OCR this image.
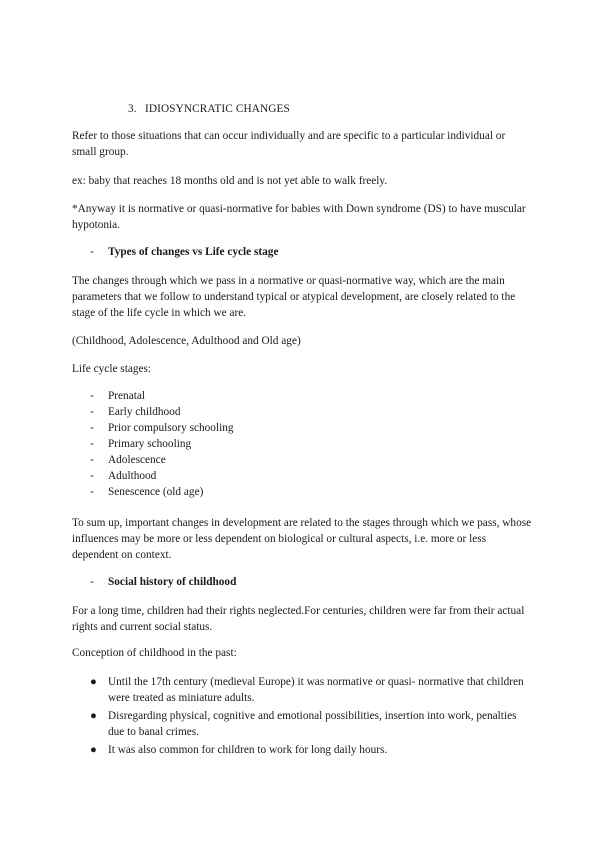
3. IDIOSYNCRATIC CHANGES

Refer to those situations that can occur individually and are specific to a particular individual or small group.

ex: baby that reaches 18 months old and is not yet able to walk freely.

*Anyway it is normative or quasi-normative for babies with Down syndrome (DS) to have muscular hypotonia.

- Types of changes vs Life cycle stage

The changes through which we pass in a normative or quasi-normative way, which are the main parameters that we follow to understand typical or atypical development, are closely related to the stage of the life cycle in which we are.

(Childhood, Adolescence, Adulthood and Old age)

Life cycle stages:

- Prenatal
- Early childhood
- Prior compulsory schooling
- Primary schooling
- Adolescence
- Adulthood
- Senescence (old age)

To sum up, important changes in development are related to the stages through which we pass, whose influences may be more or less dependent on biological or cultural aspects, i.e. more or less dependent on context.

- Social history of childhood

For a long time, children had their rights neglected.For centuries, children were far from their actual rights and current social status.

Conception of childhood in the past:

● Until the 17th century (medieval Europe) it was normative or quasi- normative that children were treated as miniature adults.
● Disregarding physical, cognitive and emotional possibilities, insertion into work, penalties due to banal crimes.
● It was also common for children to work for long daily hours.
